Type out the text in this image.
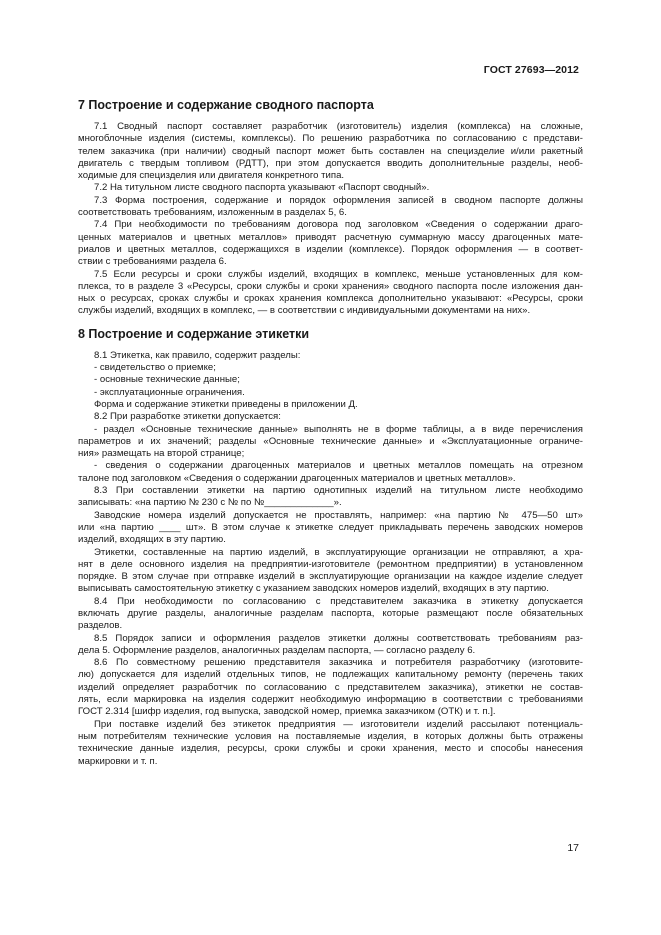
ГОСТ 27693—2012
7 Построение и содержание сводного паспорта
7.1 Сводный паспорт составляет разработчик (изготовитель) изделия (комплекса) на сложные,
многоблочные изделия (системы, комплексы). По решению разработчика по согласованию с представи-
телем заказчика (при наличии) сводный паспорт может быть составлен на специзделие и/или ракетный
двигатель с твердым топливом (РДТТ), при этом допускается вводить дополнительные разделы, необ-
ходимые для специзделия или двигателя конкретного типа.
7.2 На титульном листе сводного паспорта указывают «Паспорт сводный».
7.3 Форма построения, содержание и порядок оформления записей в сводном паспорте должны
соответствовать требованиям, изложенным в разделах 5, 6.
7.4 При необходимости по требованиям договора под заголовком «Сведения о содержании драго-
ценных материалов и цветных металлов» приводят расчетную суммарную массу драгоценных мате-
риалов и цветных металлов, содержащихся в изделии (комплексе). Порядок оформления — в соответ-
ствии с требованиями раздела 6.
7.5 Если ресурсы и сроки службы изделий, входящих в комплекс, меньше установленных для ком-
плекса, то в разделе 3 «Ресурсы, сроки службы и сроки хранения» сводного паспорта после изложения дан-
ных о ресурсах, сроках службы и сроках хранения комплекса дополнительно указывают: «Ресурсы, сроки
службы изделий, входящих в комплекс, — в соответствии с индивидуальными документами на них».
8 Построение и содержание этикетки
8.1 Этикетка, как правило, содержит разделы:
- свидетельство о приемке;
- основные технические данные;
- эксплуатационные ограничения.
Форма и содержание этикетки приведены в приложении Д.
8.2 При разработке этикетки допускается:
- раздел «Основные технические данные» выполнять не в форме таблицы, а в виде перечисления
параметров и их значений; разделы «Основные технические данные» и «Эксплуатационные ограниче-
ния» размещать на второй странице;
- сведения о содержании драгоценных материалов и цветных металлов помещать на отрезном
талоне под заголовком «Сведения о содержании драгоценных материалов и цветных металлов».
8.3 При составлении этикетки на партию однотипных изделий на титульном листе необходимо
записывать: «на партию № 230 с № по №_____________».
Заводские номера изделий допускается не проставлять, например: «на партию № 475—50 шт»
или «на партию ____ шт». В этом случае к этикетке следует прикладывать перечень заводских номеров
изделий, входящих в эту партию.
Этикетки, составленные на партию изделий, в эксплуатирующие организации не отправляют, а хра-
нят в деле основного изделия на предприятии-изготовителе (ремонтном предприятии) в установленном
порядке. В этом случае при отправке изделий в эксплуатирующие организации на каждое изделие следует
выписывать самостоятельную этикетку с указанием заводских номеров изделий, входящих в эту партию.
8.4 При необходимости по согласованию с представителем заказчика в этикетку допускается
включать другие разделы, аналогичные разделам паспорта, которые размещают после обязательных
разделов.
8.5 Порядок записи и оформления разделов этикетки должны соответствовать требованиям раз-
дела 5. Оформление разделов, аналогичных разделам паспорта, — согласно разделу 6.
8.6 По совместному решению представителя заказчика и потребителя разработчику (изготовите-
лю) допускается для изделий отдельных типов, не подлежащих капитальному ремонту (перечень таких
изделий определяет разработчик по согласованию с представителем заказчика), этикетки не состав-
лять, если маркировка на изделия содержит необходимую информацию в соответствии с требованиями
ГОСТ 2.314 [шифр изделия, год выпуска, заводской номер, приемка заказчиком (ОТК) и т. п.].
При поставке изделий без этикеток предприятия — изготовители изделий рассылают потенциаль-
ным потребителям технические условия на поставляемые изделия, в которых должны быть отражены
технические данные изделия, ресурсы, сроки службы и сроки хранения, место и способы нанесения
маркировки и т. п.
17
